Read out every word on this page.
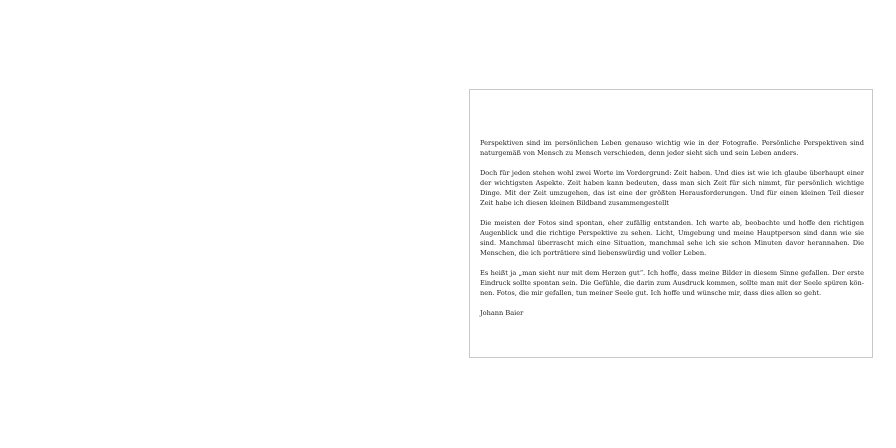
Perspektiven sind im persönlichen Leben genauso wichtig wie in der Fotografie. Persönliche Perspektiven sind naturgemäß von Mensch zu Mensch verschieden, denn jeder sieht sich und sein Leben anders.

Doch für jeden stehen wohl zwei Worte im Vordergrund: Zeit haben. Und dies ist wie ich glaube überhaupt einer der wichtigsten Aspekte. Zeit haben kann bedeuten, dass man sich Zeit für sich nimmt, für persönlich wichtige Dinge. Mit der Zeit umzugehen, das ist eine der größten Herausforderungen. Und für einen kleinen Teil dieser Zeit habe ich diesen kleinen Bildband zusammengestellt

Die meisten der Fotos sind spontan, eher zufällig entstanden. Ich warte ab, beobachte und hoffe den richtigen Augenblick und die richtige Perspektive zu sehen. Licht, Umgebung und meine Hauptperson sind dann wie sie sind. Manchmal überrascht mich eine Situation, manchmal sehe ich sie schon Minuten davor herannahen. Die Menschen, die ich porträtiere sind liebenswürdig und voller Leben.

Es heißt ja „man sieht nur mit dem Herzen gut“. Ich hoffe, dass meine Bilder in diesem Sinne gefallen. Der erste Eindruck sollte spontan sein. Die Gefühle, die darin zum Ausdruck kommen, sollte man mit der Seele spüren können. Fotos, die mir gefallen, tun meiner Seele gut. Ich hoffe und wünsche mir, dass dies allen so geht.

Johann Baier
